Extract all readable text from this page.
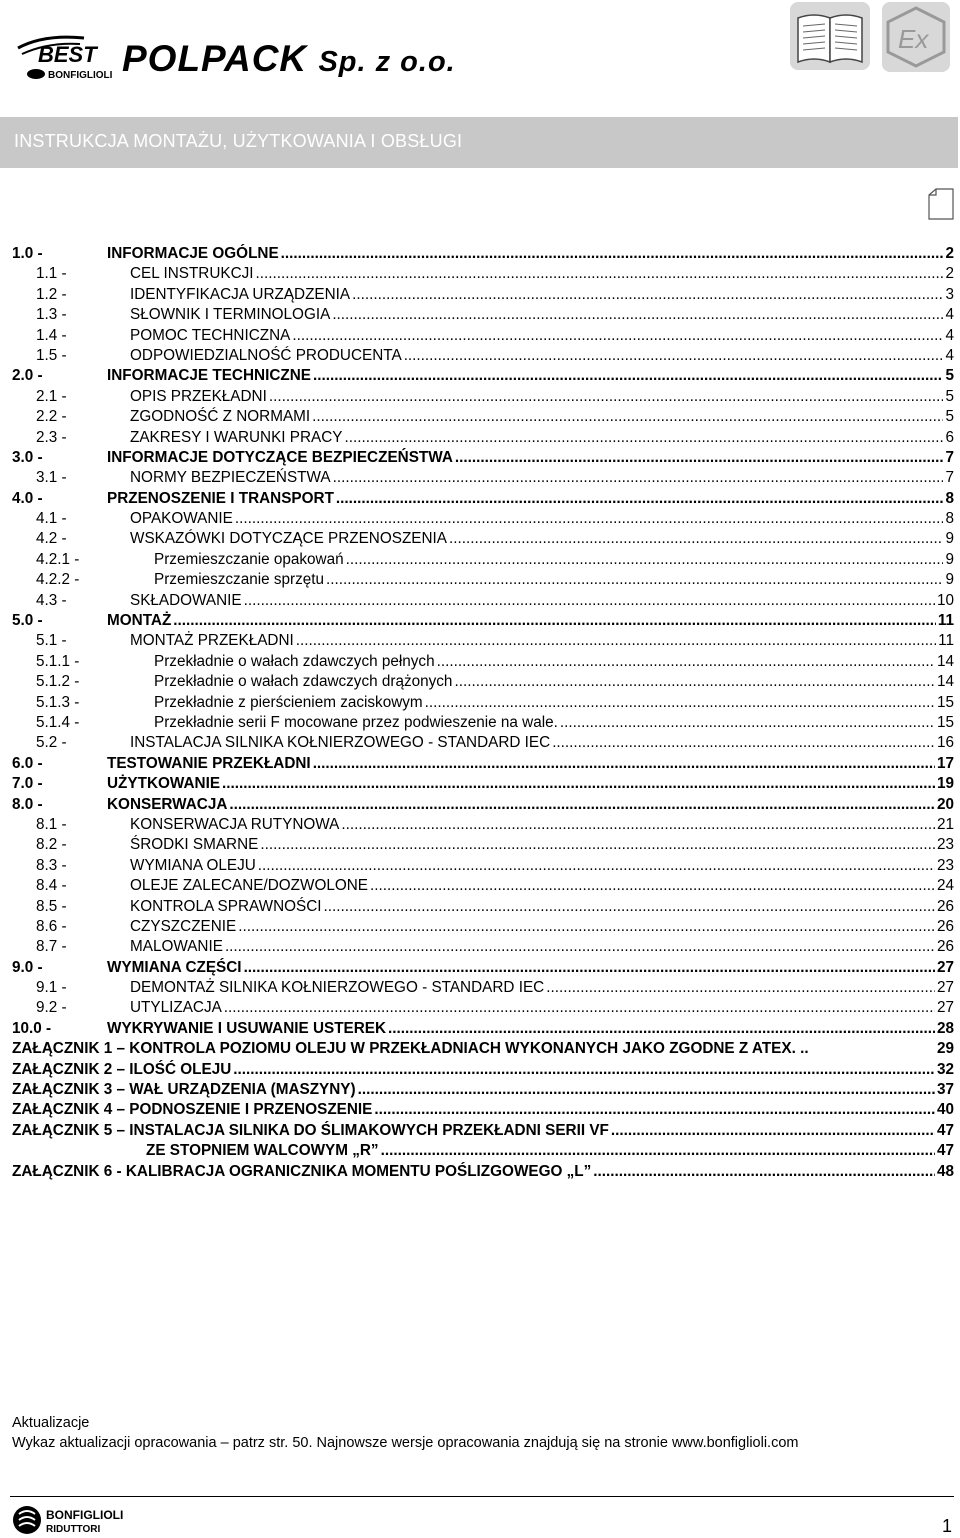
BEST
BONFIGLIOLI POLPACK Sp. z o.o.
Ex
INSTRUKCJA MONTAŻU, UŻYTKOWANIA I OBSŁUGI
1.0 -	INFORMACJE OGÓLNE .....	2
1.1 -	CEL INSTRUKCJI .....	2
1.2 -	IDENTYFIKACJA URZĄDZENIA .....	3
1.3 -	SŁOWNIK I TERMINOLOGIA .....	4
1.4 -	POMOC TECHNICZNA .....	4
1.5 -	ODPOWIEDZIALNOŚĆ PRODUCENTA .....	4
2.0 -	INFORMACJE TECHNICZNE .....	5
2.1 -	OPIS PRZEKŁADNI .....	5
2.2 -	ZGODNOŚĆ Z NORMAMI .....	5
2.3 -	ZAKRESY I WARUNKI PRACY .....	6
3.0 -	INFORMACJE DOTYCZĄCE BEZPIECZEŃSTWA .....	7
3.1 -	NORMY BEZPIECZEŃSTWA .....	7
4.0 -	PRZENOSZENIE I TRANSPORT .....	8
4.1 -	OPAKOWANIE .....	8
4.2 -	WSKAZÓWKI DOTYCZĄCE PRZENOSZENIA .....	9
4.2.1 -	Przemieszczanie opakowań .....	9
4.2.2 -	Przemieszczanie sprzętu .....	9
4.3 -	SKŁADOWANIE .....	10
5.0 -	MONTAŻ .....	11
5.1 -	MONTAŻ PRZEKŁADNI .....	11
5.1.1 -	Przekładnie o wałach zdawczych pełnych .....	14
5.1.2 -	Przekładnie o wałach zdawczych drążonych .....	14
5.1.3 -	Przekładnie z pierścieniem zaciskowym .....	15
5.1.4 -	Przekładnie serii F mocowane przez podwieszenie na wale. .....	15
5.2 -	INSTALACJA SILNIKA KOŁNIERZOWEGO - STANDARD IEC .....	16
6.0 -	TESTOWANIE PRZEKŁADNI .....	17
7.0 -	UŻYTKOWANIE .....	19
8.0 -	KONSERWACJA .....	20
8.1 -	KONSERWACJA RUTYNOWA .....	21
8.2 -	ŚRODKI SMARNE .....	23
8.3 -	WYMIANA OLEJU .....	23
8.4 -	OLEJE ZALECANE/DOZWOLONE .....	24
8.5 -	KONTROLA SPRAWNOŚCI .....	26
8.6 -	CZYSZCZENIE .....	26
8.7 -	MALOWANIE .....	26
9.0 -	WYMIANA CZĘŚCI .....	27
9.1 -	DEMONTAŻ SILNIKA KOŁNIERZOWEGO - STANDARD IEC .....	27
9.2 -	UTYLIZACJA .....	27
10.0 -	WYKRYWANIE I USUWANIE USTEREK .....	28
ZAŁĄCZNIK 1 – KONTROLA POZIOMU OLEJU W PRZEKŁADNIACH WYKONANYCH JAKO ZGODNE Z ATEX. ..	29
ZAŁĄCZNIK 2 – ILOŚĆ OLEJU .....	32
ZAŁĄCZNIK 3 – WAŁ URZĄDZENIA (MASZYNY) .....	37
ZAŁĄCZNIK 4 – PODNOSZENIE I PRZENOSZENIE .....	40
ZAŁĄCZNIK 5 – INSTALACJA SILNIKA DO ŚLIMAKOWYCH PRZEKŁADNI SERII VF .....	47
ZE STOPNIEM WALCOWYM „R” .....	47
ZAŁĄCZNIK 6 - KALIBRACJA OGRANICZNIKA MOMENTU POŚLIZGOWEGO „L” .....	48
Aktualizacje
Wykaz aktualizacji opracowania – patrz str. 50. Najnowsze wersje opracowania znajdują się na stronie www.bonfiglioli.com
BONFIGLIOLI
RIDUTTORI	1
